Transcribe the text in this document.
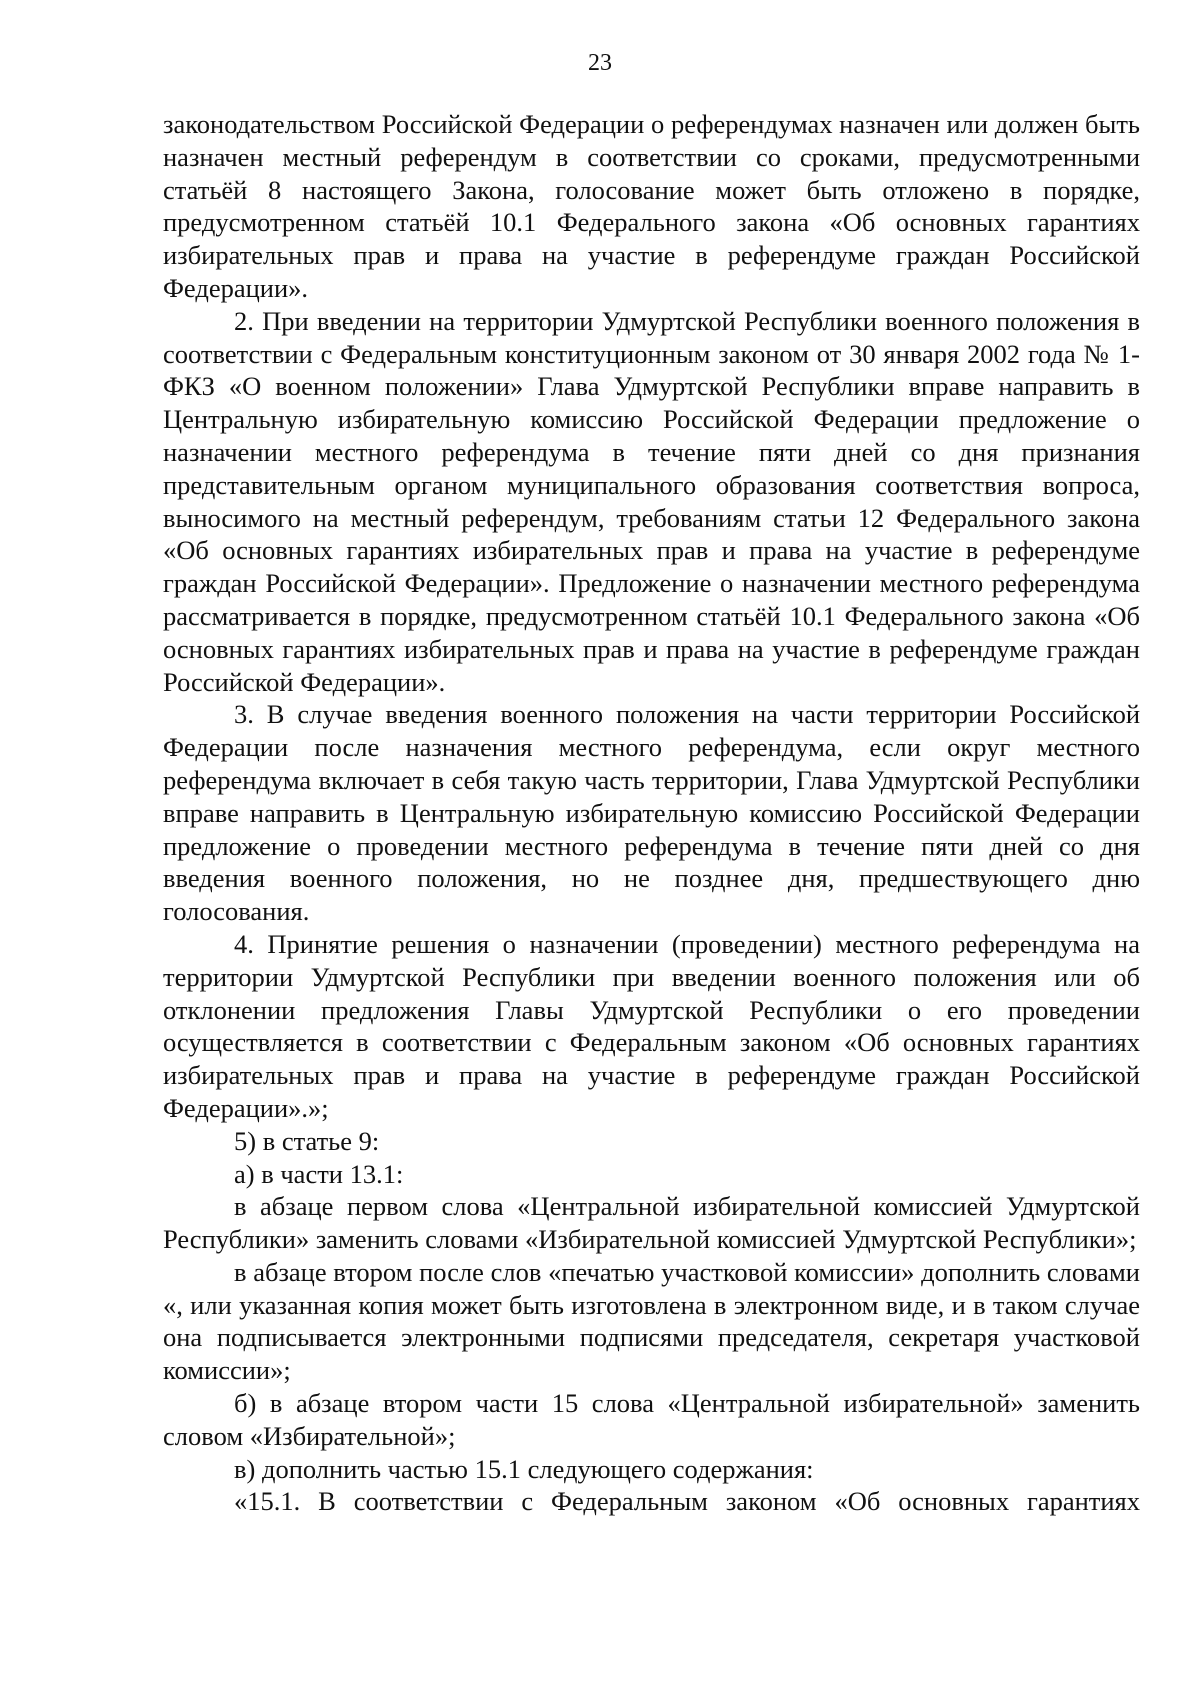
23

законодательством Российской Федерации о референдумах назначен или должен быть назначен местный референдум в соответствии со сроками, предусмотренными статьёй 8 настоящего Закона, голосование может быть отложено в порядке, предусмотренном статьёй 10.1 Федерального закона «Об основных гарантиях избирательных прав и права на участие в референдуме граждан Российской Федерации».

2. При введении на территории Удмуртской Республики военного положения в соответствии с Федеральным конституционным законом от 30 января 2002 года № 1-ФКЗ «О военном положении» Глава Удмуртской Республики вправе направить в Центральную избирательную комиссию Российской Федерации предложение о назначении местного референдума в течение пяти дней со дня признания представительным органом муниципального образования соответствия вопроса, выносимого на местный референдум, требованиям статьи 12 Федерального закона «Об основных гарантиях избирательных прав и права на участие в референдуме граждан Российской Федерации». Предложение о назначении местного референдума рассматривается в порядке, предусмотренном статьёй 10.1 Федерального закона «Об основных гарантиях избирательных прав и права на участие в референдуме граждан Российской Федерации».

3. В случае введения военного положения на части территории Российской Федерации после назначения местного референдума, если округ местного референдума включает в себя такую часть территории, Глава Удмуртской Республики вправе направить в Центральную избирательную комиссию Российской Федерации предложение о проведении местного референдума в течение пяти дней со дня введения военного положения, но не позднее дня, предшествующего дню голосования.

4. Принятие решения о назначении (проведении) местного референдума на территории Удмуртской Республики при введении военного положения или об отклонении предложения Главы Удмуртской Республики о его проведении осуществляется в соответствии с Федеральным законом «Об основных гарантиях избирательных прав и права на участие в референдуме граждан Российской Федерации».»;

5) в статье 9:

а) в части 13.1:

в абзаце первом слова «Центральной избирательной комиссией Удмуртской Республики» заменить словами «Избирательной комиссией Удмуртской Республики»;

в абзаце втором после слов «печатью участковой комиссии» дополнить словами «, или указанная копия может быть изготовлена в электронном виде, и в таком случае она подписывается электронными подписями председателя, секретаря участковой комиссии»;

б) в абзаце втором части 15 слова «Центральной избирательной» заменить словом «Избирательной»;

в) дополнить частью 15.1 следующего содержания:

«15.1. В соответствии с Федеральным законом «Об основных гарантиях
